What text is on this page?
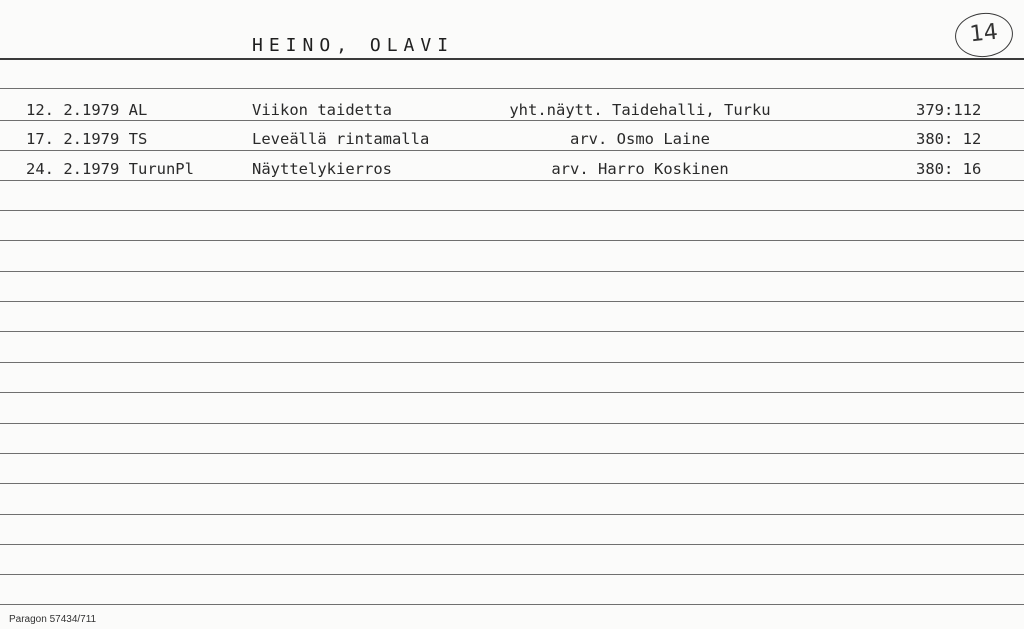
HEINO, OLAVI	14
12. 2.1979 AL	Viikon taidetta	yht.näytt. Taidehalli, Turku	379:112
17. 2.1979 TS	Leveällä rintamalla	arv. Osmo Laine	380: 12
24. 2.1979 TurunPl	Näyttelykierros	arv. Harro Koskinen	380: 16
Paragon 57434/711
